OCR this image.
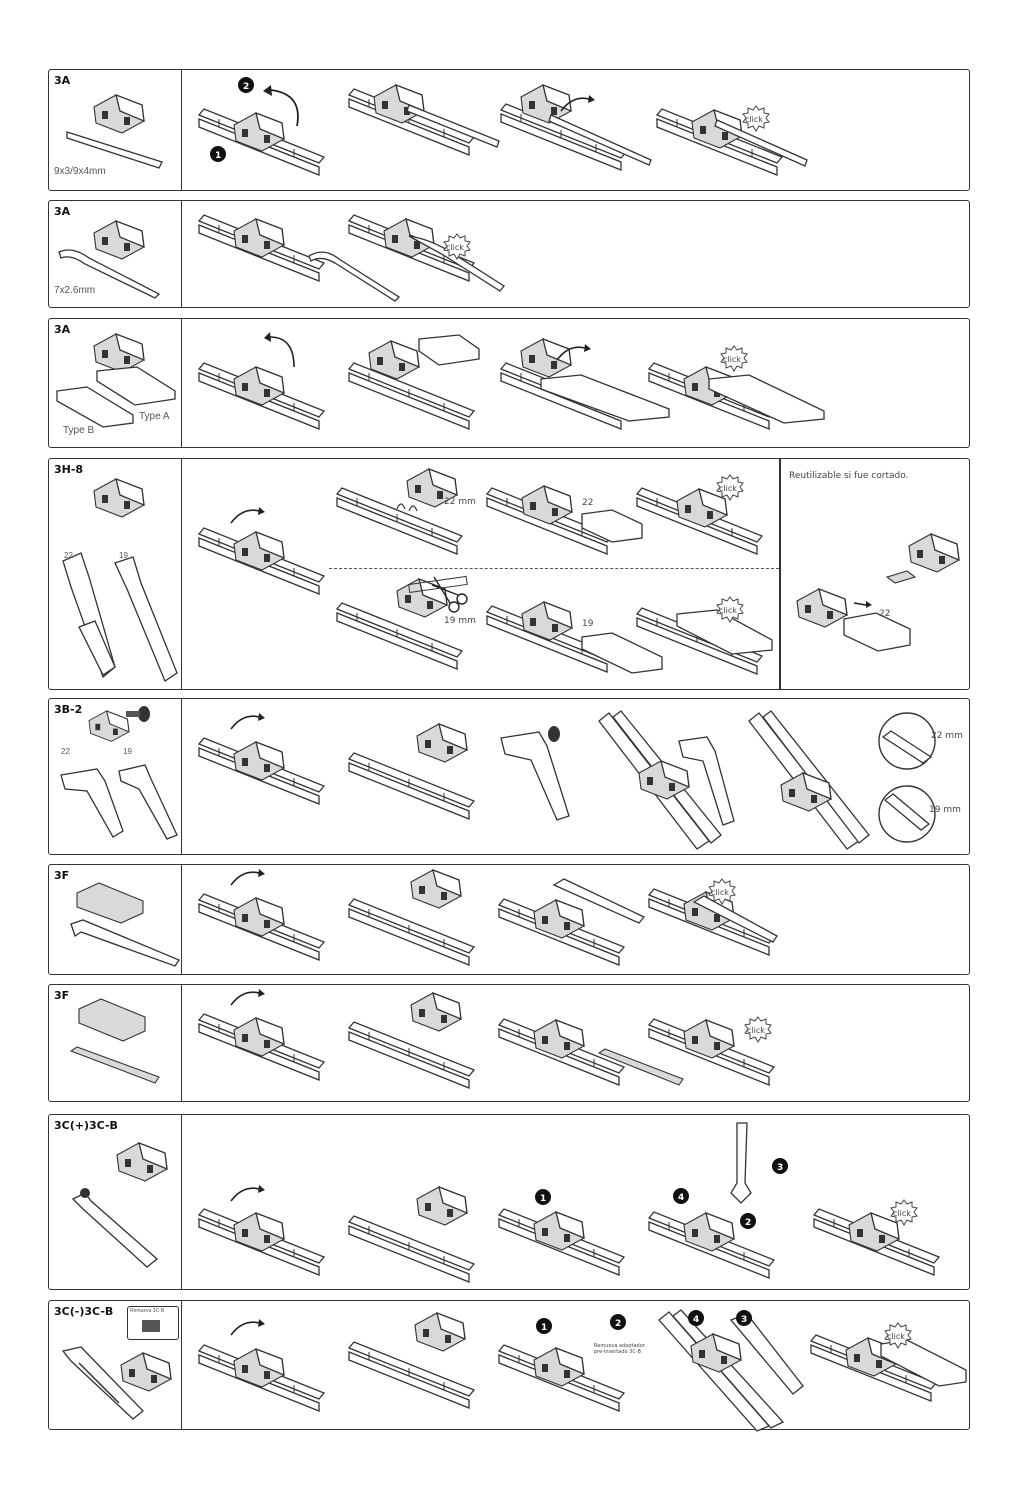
3A
9x3/9x4mm
1
2
click
3A
7x2.6mm
click
3A
Type A
Type B
click
3H-8
22	19
22 mm	22
click
19 mm	19
click
Reutilizable si fue cortado.
22
3B-2
22	19
22 mm
19 mm
3F
click
3F
click
3C(+)3C-B
1	4
2
3
click
3C(-)3C-B	Remueva 3C-B
1	2
Remueva adaptador pre-insertado 3C-B
4	3
click
